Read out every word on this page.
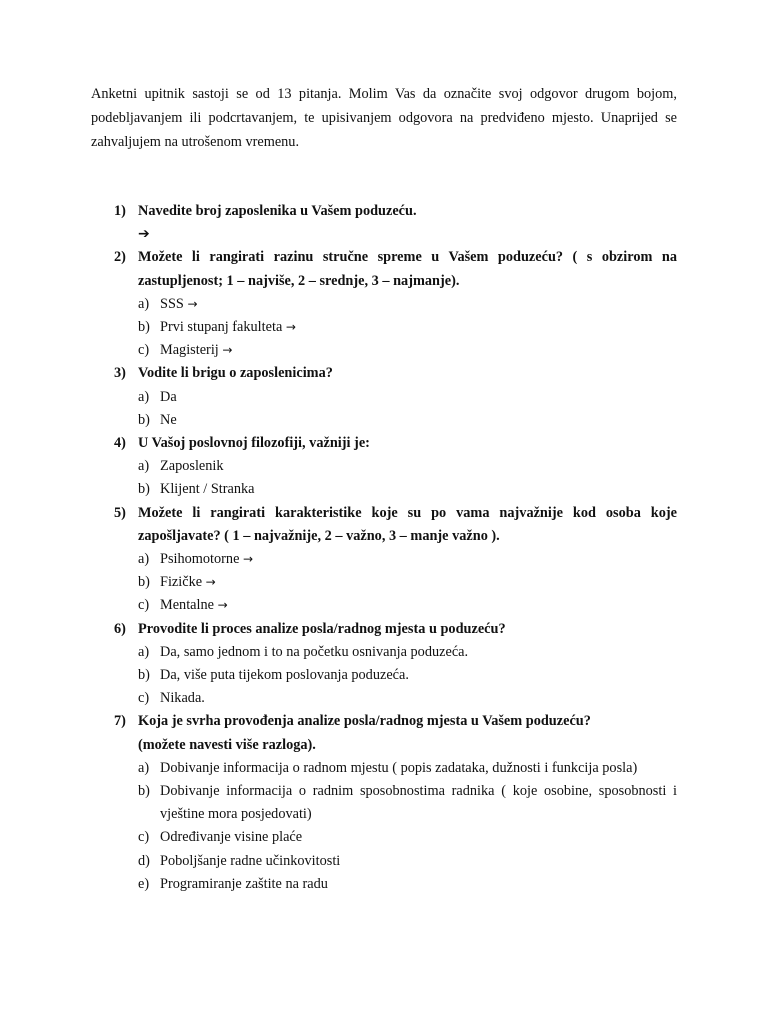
Anketni upitnik sastoji se od 13 pitanja. Molim Vas da označite svoj odgovor drugom bojom, podebljavanjem ili podcrtavanjem, te upisivanjem odgovora na predviđeno mjesto. Unaprijed se zahvaljujem na utrošenom vremenu.

1) Navedite broj zaposlenika u Vašem poduzeću.
➔
2) Možete li rangirati razinu stručne spreme u Vašem poduzeću? ( s obzirom na zastupljenost; 1 – najviše, 2 – srednje, 3 – najmanje).
a) SSS →
b) Prvi stupanj fakulteta →
c) Magisterij →
3) Vodite li brigu o zaposlenicima?
a) Da
b) Ne
4) U Vašoj poslovnoj filozofiji, važniji je:
a) Zaposlenik
b) Klijent / Stranka
5) Možete li rangirati karakteristike koje su po vama najvažnije kod osoba koje zapošljavate? ( 1 – najvažnije, 2 – važno, 3 – manje važno ).
a) Psihomotorne →
b) Fizičke →
c) Mentalne →
6) Provodite li proces analize posla/radnog mjesta u poduzeću?
a) Da, samo jednom i to na početku osnivanja poduzeća.
b) Da, više puta tijekom poslovanja poduzeća.
c) Nikada.
7) Koja je svrha provođenja analize posla/radnog mjesta u Vašem poduzeću?
(možete navesti više razloga).
a) Dobivanje informacija o radnom mjestu ( popis zadataka, dužnosti i funkcija posla)
b) Dobivanje informacija o radnim sposobnostima radnika ( koje osobine, sposobnosti i vještine mora posjedovati)
c) Određivanje visine plaće
d) Poboljšanje radne učinkovitosti
e) Programiranje zaštite na radu
